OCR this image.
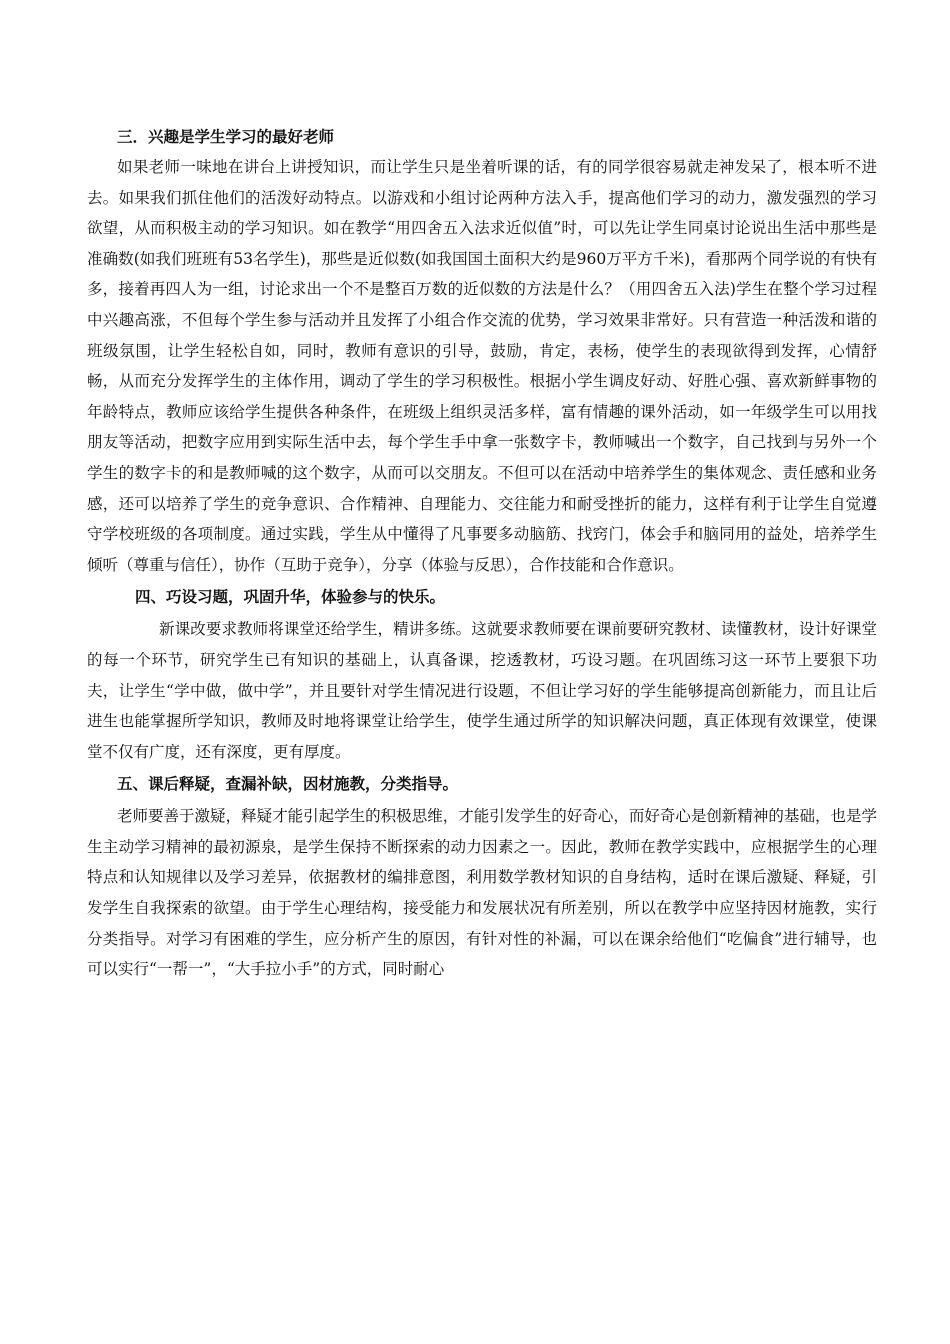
三．兴趣是学生学习的最好老师

如果老师一味地在讲台上讲授知识，而让学生只是坐着听课的话，有的同学很容易就走神发呆了，根本听不进去。如果我们抓住他们的活泼好动特点。以游戏和小组讨论两种方法入手，提高他们学习的动力，激发强烈的学习欲望，从而积极主动的学习知识。如在教学“用四舍五入法求近似值”时，可以先让学生同桌讨论说出生活中那些是准确数(如我们班班有53名学生)，那些是近似数(如我国国土面积大约是960万平方千米)，看那两个同学说的有快有多，接着再四人为一组，讨论求出一个不是整百万数的近似数的方法是什么？（用四舍五入法)学生在整个学习过程中兴趣高涨，不但每个学生参与活动并且发挥了小组合作交流的优势，学习效果非常好。只有营造一种活泼和谐的班级氛围，让学生轻松自如，同时，教师有意识的引导，鼓励，肯定，表杨，使学生的表现欲得到发挥，心情舒畅，从而充分发挥学生的主体作用，调动了学生的学习积极性。根据小学生调皮好动、好胜心强、喜欢新鲜事物的年龄特点，教师应该给学生提供各种条件，在班级上组织灵活多样，富有情趣的课外活动，如一年级学生可以用找朋友等活动，把数字应用到实际生活中去，每个学生手中拿一张数字卡，教师喊出一个数字，自己找到与另外一个学生的数字卡的和是教师喊的这个数字，从而可以交朋友。不但可以在活动中培养学生的集体观念、责任感和业务感，还可以培养了学生的竞争意识、合作精神、自理能力、交往能力和耐受挫折的能力，这样有利于让学生自觉遵守学校班级的各项制度。通过实践，学生从中懂得了凡事要多动脑筋、找窍门，体会手和脑同用的益处，培养学生倾听（尊重与信任），协作（互助于竞争），分享（体验与反思），合作技能和合作意识。

四、巧设习题，巩固升华，体验参与的快乐。

新课改要求教师将课堂还给学生，精讲多练。这就要求教师要在课前要研究教材、读懂教材，设计好课堂的每一个环节，研究学生已有知识的基础上，认真备课，挖透教材，巧设习题。在巩固练习这一环节上要狠下功夫，让学生“学中做，做中学”，并且要针对学生情况进行设题，不但让学习好的学生能够提高创新能力，而且让后进生也能掌握所学知识，教师及时地将课堂让给学生，使学生通过所学的知识解决问题，真正体现有效课堂，使课堂不仅有广度，还有深度，更有厚度。

五、课后释疑，查漏补缺，因材施教，分类指导。

老师要善于激疑，释疑才能引起学生的积极思维，才能引发学生的好奇心，而好奇心是创新精神的基础，也是学生主动学习精神的最初源泉，是学生保持不断探索的动力因素之一。因此，教师在教学实践中，应根据学生的心理特点和认知规律以及学习差异，依据教材的编排意图，利用数学教材知识的自身结构，适时在课后激疑、释疑，引发学生自我探索的欲望。由于学生心理结构，接受能力和发展状况有所差别，所以在教学中应坚持因材施教，实行分类指导。对学习有困难的学生，应分析产生的原因，有针对性的补漏，可以在课余给他们“吃偏食”进行辅导，也可以实行“一帮一”，“大手拉小手”的方式，同时耐心
